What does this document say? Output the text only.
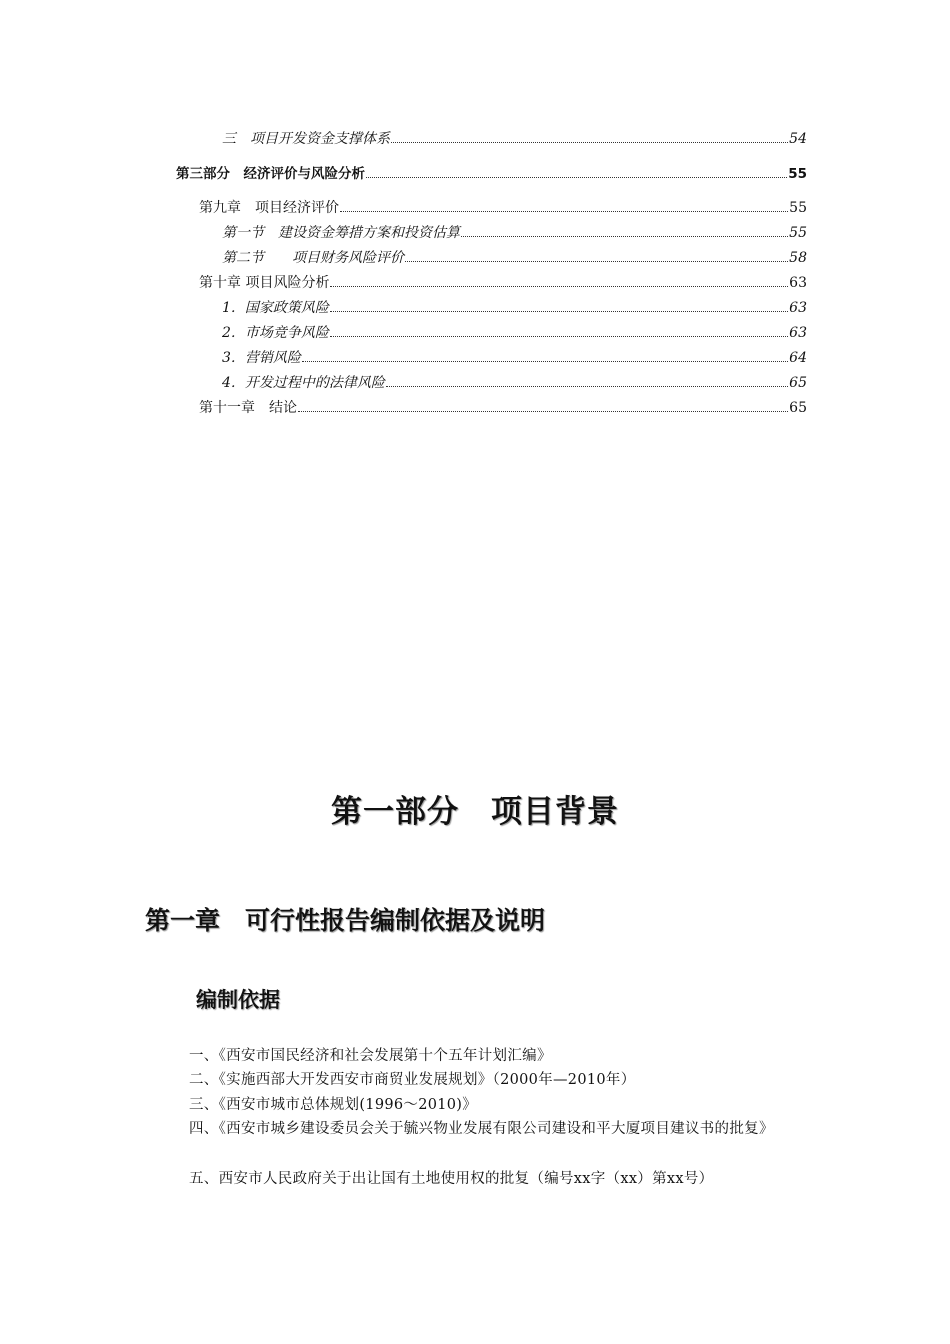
三　项目开发资金支撑体系	54
第三部分　经济评价与风险分析	55
第九章　项目经济评价	55
第一节　建设资金筹措方案和投资估算	55
第二节　　项目财务风险评价	58
第十章 项目风险分析	63
1．国家政策风险	63
2．市场竞争风险	63
3．营销风险	64
4．开发过程中的法律风险	65
第十一章　结论	65
第一部分　项目背景
第一章　可行性报告编制依据及说明
编制依据

一、《西安市国民经济和社会发展第十个五年计划汇编》

二、《实施西部大开发西安市商贸业发展规划》（2000年—2010年）

三、《西安市城市总体规划(1996～2010)》

四、《西安市城乡建设委员会关于毓兴物业发展有限公司建设和平大厦项目建议书的批复》

五、西安市人民政府关于出让国有土地使用权的批复（编号xx字（xx）第xx号）
